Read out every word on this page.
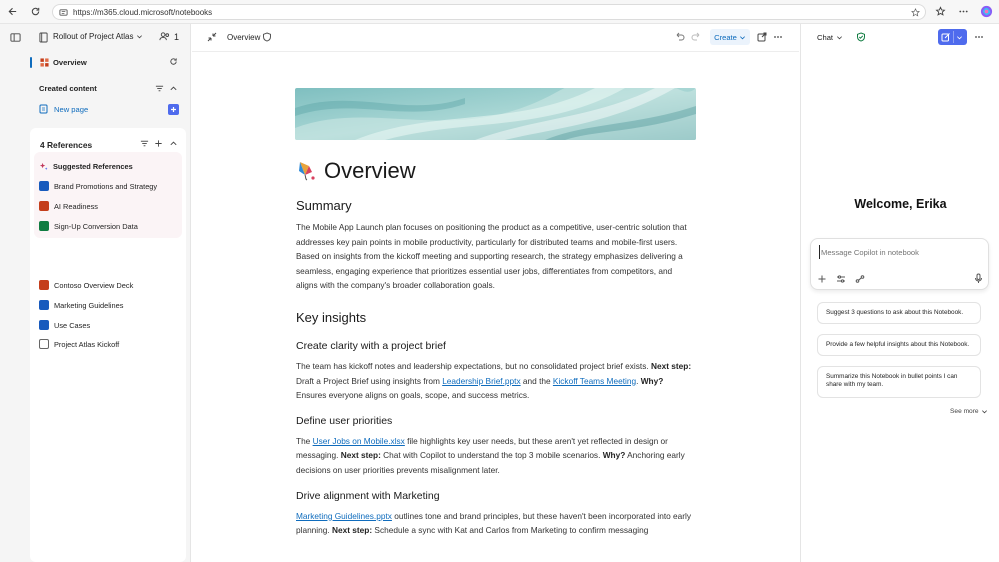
https://m365.cloud.microsoft/notebooks
Rollout of Project Atlas	1
Overview
Created content
New page
4 References
Suggested References
Brand Promotions and Strategy
AI Readiness
Sign-Up Conversion Data
Contoso Overview Deck
Marketing Guidelines
Use Cases
Project Atlas Kickoff
Overview	Create
Overview
Summary
The Mobile App Launch plan focuses on positioning the product as a competitive, user-centric solution that addresses key pain points in mobile productivity, particularly for distributed teams and mobile-first users. Based on insights from the kickoff meeting and supporting research, the strategy emphasizes delivering a seamless, engaging experience that prioritizes essential user jobs, differentiates from competitors, and aligns with the company's broader collaboration goals.
Key insights
Create clarity with a project brief
The team has kickoff notes and leadership expectations, but no consolidated project brief exists. Next step: Draft a Project Brief using insights from Leadership Brief.pptx and the Kickoff Teams Meeting. Why? Ensures everyone aligns on goals, scope, and success metrics.
Define user priorities
The User Jobs on Mobile.xlsx file highlights key user needs, but these aren't yet reflected in design or messaging. Next step: Chat with Copilot to understand the top 3 mobile scenarios. Why? Anchoring early decisions on user priorities prevents misalignment later.
Drive alignment with Marketing
Marketing Guidelines.pptx outlines tone and brand principles, but these haven't been incorporated into early planning. Next step: Schedule a sync with Kat and Carlos from Marketing to confirm messaging
Chat
Welcome, Erika
Message Copilot in notebook
Suggest 3 questions to ask about this Notebook.
Provide a few helpful insights about this Notebook.
Summarize this Notebook in bullet points I can share with my team.
See more
